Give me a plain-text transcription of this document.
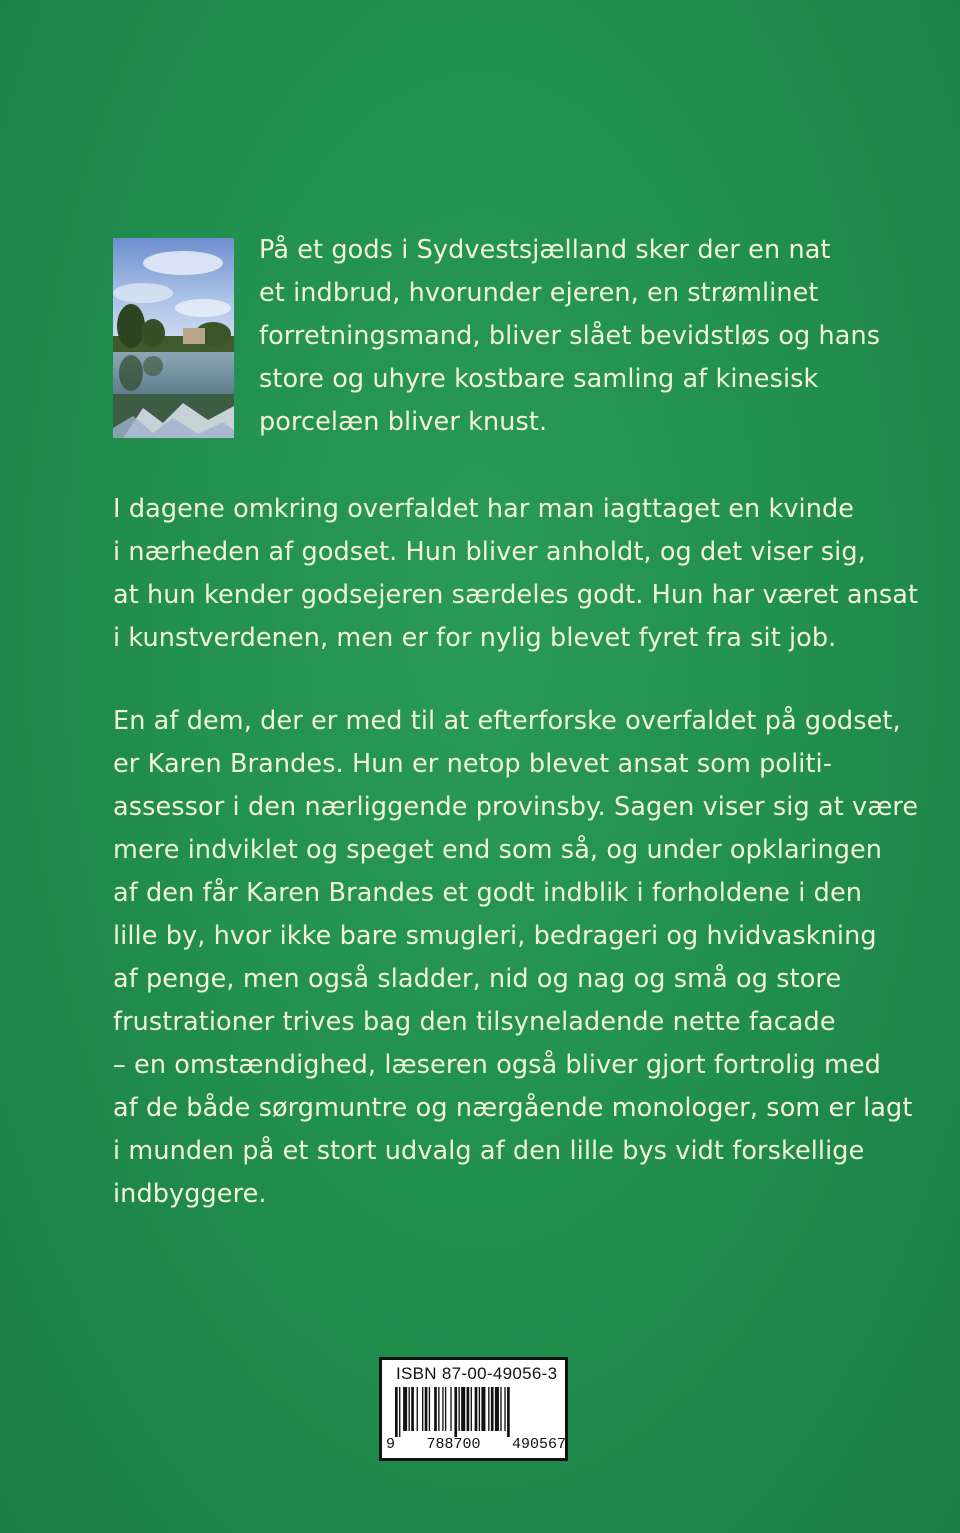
På et gods i Sydvestsjælland sker der en nat
et indbrud, hvorunder ejeren, en strømlinet
forretningsmand, bliver slået bevidstløs og hans
store og uhyre kostbare samling af kinesisk
porcelæn bliver knust.
I dagene omkring overfaldet har man iagttaget en kvinde
i nærheden af godset. Hun bliver anholdt, og det viser sig,
at hun kender godsejeren særdeles godt. Hun har været ansat
i kunstverdenen, men er for nylig blevet fyret fra sit job.
En af dem, der er med til at efterforske overfaldet på godset,
er Karen Brandes. Hun er netop blevet ansat som politi-
assessor i den nærliggende provinsby. Sagen viser sig at være
mere indviklet og speget end som så, og under opklaringen
af den får Karen Brandes et godt indblik i forholdene i den
lille by, hvor ikke bare smugleri, bedrageri og hvidvaskning
af penge, men også sladder, nid og nag og små og store
frustrationer trives bag den tilsyneladende nette facade
– en omstændighed, læseren også bliver gjort fortrolig med
af de både sørgmuntre og nærgående monologer, som er lagt
i munden på et stort udvalg af den lille bys vidt forskellige
indbyggere.
ISBN 87-00-49056-3
9 788700 490567
